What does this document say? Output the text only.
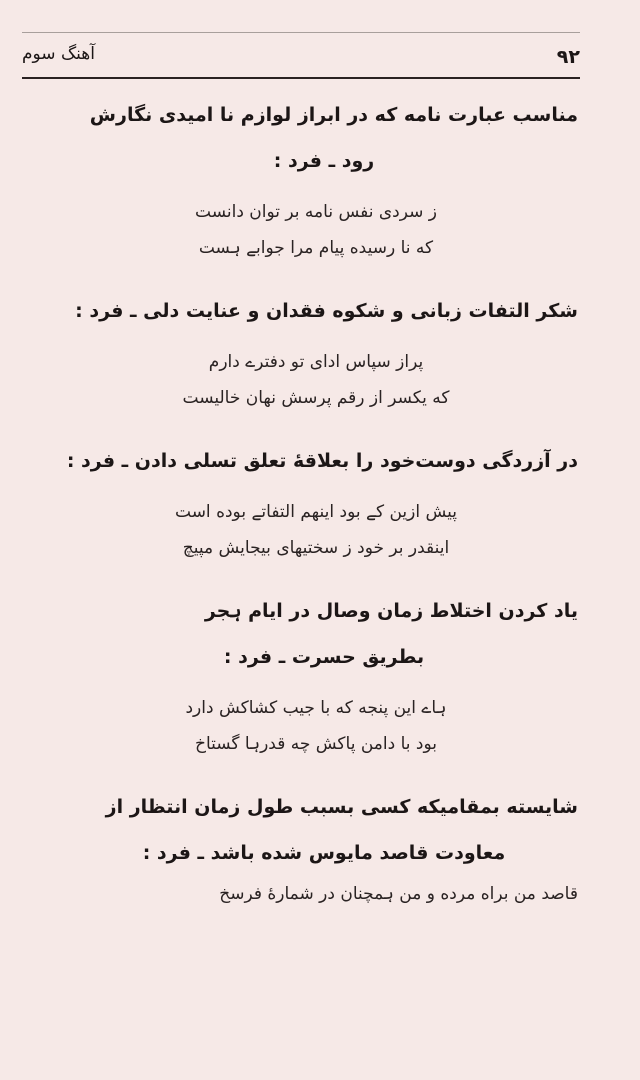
۹۲
آهنگ سوم
مناسب عبارت نامه که در ابراز لوازم نا امیدی نگارش
رود ـ فرد :
ز سردی نفس نامه بر توان دانست
که نا رسیده پیام مرا جوابے ہست
شکر التفات زبانی و شکوه فقدان و عنایت دلی ـ فرد :
پراز سپاس ادای تو دفترے دارم
که یکسر از رقم پرسش نهان خالیست
در آزردگی دوست‌خود را بعلاقهٔ تعلق تسلی دادن ـ فرد :
پیش ازین کے بود اینهم التفاتے بوده است
اینقدر بر خود ز سختیهای بیجایش مپیچ
یاد کردن اختلاط زمان وصال در ایام ہجر
بطریق حسرت ـ فرد :
ہاے این پنجه که با جیب کشاکش دارد
بود با دامن پاکش چه قدرہا گستاخ
شایسته بمقامیکه کسی بسبب طول زمان انتظار از
معاودت قاصد مایوس شده باشد ـ فرد :
قاصد من براه مرده و من ہمچنان در شمارهٔ فرسخ
